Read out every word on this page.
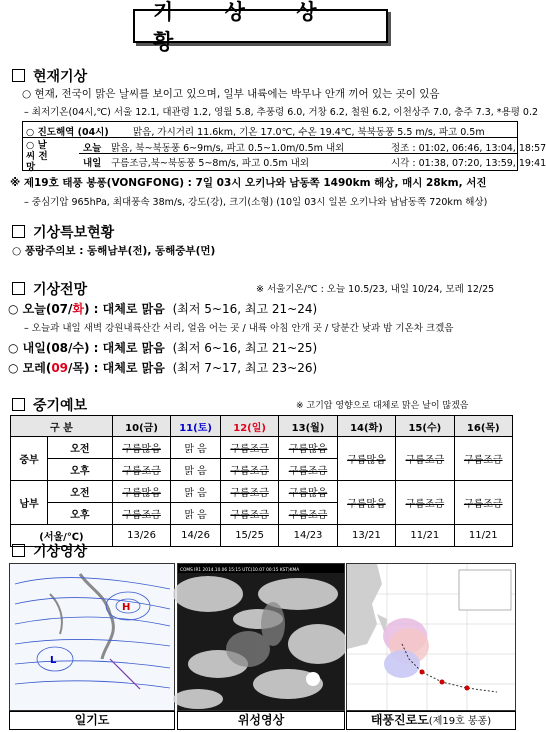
기 상 상 황
현재기상
○ 현재, 전국이 맑은 날씨를 보이고 있으며, 일부 내륙에는 박무나 안개 끼어 있는 곳이 있음
– 최저기온(04시,℃) 서울 12.1, 대관령 1.2, 영월 5.8, 추풍령 6.0, 거창 6.2, 철원 6.2, 이천상주 7.0, 충주 7.3, *용평 0.2
○ 진도해역 (04시)	맑음, 가시거리 11.6km, 기온 17.0℃, 수온 19.4℃, 북북동풍 5.5 m/s, 파고 0.5m
○ 날씨 전망
오늘 맑음, 북~북동풍 6~9m/s, 파고 0.5~1.0m/0.5m 내외	정조 : 01:02, 06:46, 13:04, 18:57
내일 구름조금,북~북동풍 5~8m/s, 파고 0.5m 내외	시각 : 01:38, 07:20, 13:59, 19:41
※ 제19호 태풍 봉퐁(VONGFONG) : 7일 03시 오키나와 남동쪽 1490km 해상, 매시 28km, 서진
– 중심기압 965hPa, 최대풍속 38m/s, 강도(강), 크기(소형) (10일 03시 일본 오키나와 남남동쪽 720km 해상)
기상특보현황
○ 풍랑주의보 : 동해남부(전), 동해중부(먼)
기상전망	※ 서울기온/℃ : 오늘 10.5/23, 내일 10/24, 모레 12/25
○ 오늘(07/화) : 대체로 맑음 (최저 5~16, 최고 21~24)
– 오늘과 내일 새벽 강원내륙산간 서리, 얼음 어는 곳 / 내륙 아침 안개 곳 / 당분간 낮과 밤 기온차 크겠음
○ 내일(08/수) : 대체로 맑음 (최저 6~16, 최고 21~25)
○ 모레(09/목) : 대체로 맑음 (최저 7~17, 최고 23~26)
중기예보	※ 고기압 영향으로 대체로 맑은 날이 많겠음
구 분		10(금)	11(토)	12(일)	13(월)	14(화)	15(수)	16(목)
중부	오전	구름많음	맑 음	구름조금	구름많음	구름많음	구름조금	구름조금
	오후	구름조금	맑 음	구름조금	구름조금			
남부	오전	구름많음	맑 음	구름조금	구름많음	구름많음	구름조금	구름조금
	오후	구름조금	맑 음	구름조금	구름조금			
(서울/℃)		13/26	14/26	15/25	14/23	13/21	11/21	11/21
기상영상
H
L
일기도
COMS IR1 2014.10.06 15:15 UTC(10.07 00:15 KST)KMA
위성영상	태풍진로도(제19호 봉퐁)
